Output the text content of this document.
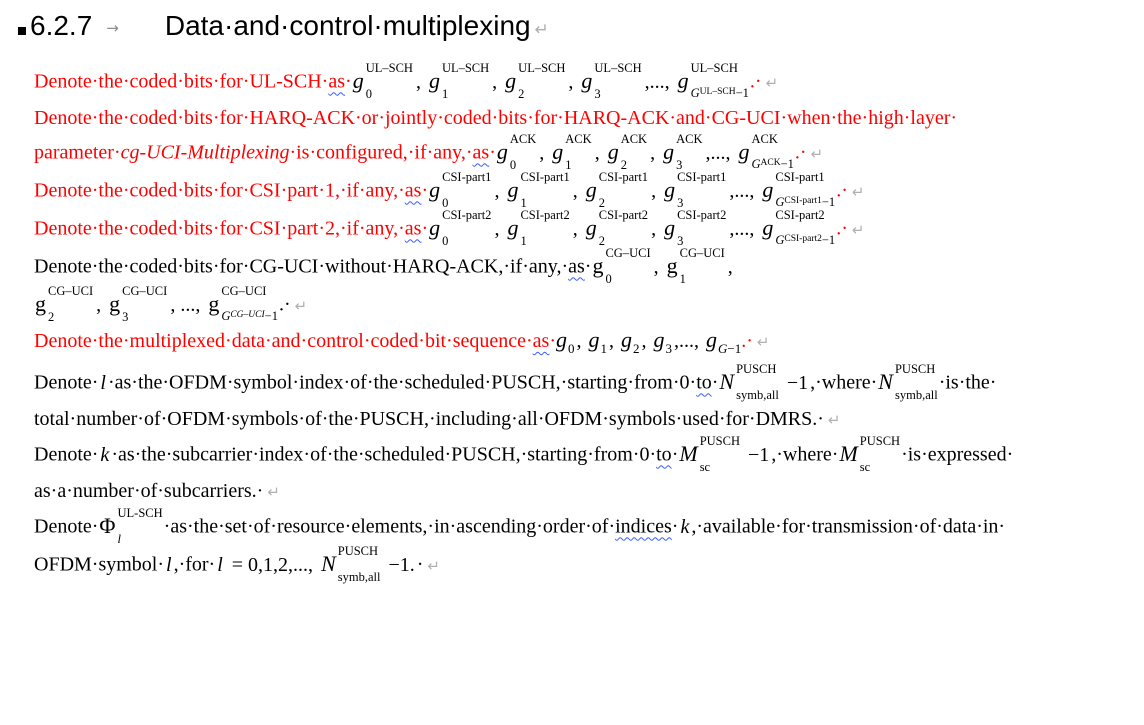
6.2.7 → Data·and·control·multiplexing ↵

Denote·the·coded·bits·for·UL-SCH·as· g UL–SCH
0
, g UL–SCH
1
, g UL–SCH
2
, g UL–SCH
3
,..., g UL–SCH
$G^{UL-SCH}-1$ .· ↵

Denote·the·coded·bits·for·HARQ-ACK·or·jointly·coded·bits·for·HARQ-ACK·and·CG-UCI·when·the·high·layer·
parameter·cg-UCI-Multiplexing·is·configured,·if·any,·as· g ACK
0
, g ACK
1
, g ACK
2
, g ACK
3
,..., g ACK
$G^{ACK}-1$ .· ↵

Denote·the·coded·bits·for·CSI·part·1,·if·any,·as· g CSI-part1
0
, g CSI-part1
1
, g CSI-part1
2
, g CSI-part1
3
,..., g CSI-part1
$G^{CSI-part1}-1$ .· ↵

Denote·the·coded·bits·for·CSI·part·2,·if·any,·as· g CSI-part2
0
, g CSI-part2
1
, g CSI-part2
2
, g CSI-part2
3
,..., g CSI-part2
$G^{CSI-part2}-1$ .· ↵

Denote·the·coded·bits·for·CG-UCI·without·HARQ-ACK,·if·any,·as· g CG–UCI
0
, g CG–UCI
1
,

g CG–UCI
2
, g CG–UCI
3
, ..., g CG–UCI
$G^{CG-UCI}-1$ .· ↵

$Denote\cdot the\cdot multiplexed\cdot data\cdot and\cdot control\cdot coded\cdot bit\cdot sequence\cdot as\cdot g_0$ , $g_1$ , $g_2$ , $g_3$ ,..., $g_{G-1}.\cdot$ ↵

Denote· l ·as·the·OFDM·symbol·index·of·the·scheduled·PUSCH,·starting·from·0·to· N PUSCH
symb,all
−1 ,·where· N PUSCH
symb,all
·is·the·
total·number·of·OFDM·symbols·of·the·PUSCH,·including·all·OFDM·symbols·used·for·DMRS.· ↵

Denote· k ·as·the·subcarrier·index·of·the·scheduled·PUSCH,·starting·from·0·to· M PUSCH
sc
−1 ,·where· M PUSCH
sc
·is·expressed·
as·a·number·of·subcarriers.· ↵

Denote· Φ UL-SCH
l
·as·the·set·of·resource·elements,·in·ascending·order·of·indices· k ,·available·for·transmission·of·data·in·
OFDM·symbol· l ,·for· l = 0,1,2,..., N PUSCH
symb,all
−1. · ↵
